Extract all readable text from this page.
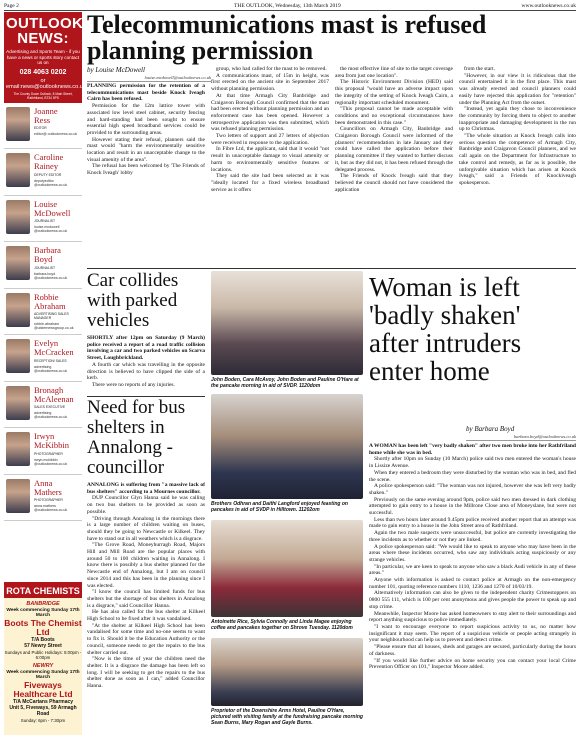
Page 2	THE OUTLOOK, Wednesday, 13th March 2019	www.outlooknews.co.uk
OUTLOOK
NEWS:
Advertising and Sports Team - if you have a news or sports story contact us on
028 4063 0202
or email:news@outlooknews.co.uk
The County Down Outlook, 8 Main Street, Rathfriland, BT34 5PS
Joanne
Ress
EDITOR
editor@ outlooknews.co.uk
Caroline
Rainey
DEPUTY EDITOR
deputyeditor @outlooknews.co.uk
Louise
McDowell
JOURNALIST
louise.mcdowell @outlooknews.co.uk
Barbara
Boyd
JOURNALIST
barbara.boyd @outlooknews.co.uk
Robbie
Abraham
ADVERTISING SALES MANAGER
robbie.abraham @ulsternewsgroup.co.uk
Evelyn
McCracken
RECEPTION/ SALES
advertising @outlooknews.co.uk
Bronagh
McAleenan
SALES EXECUTIVE
advertising @outlooknews.co.uk
Irwyn
McKibbin
PHOTOGRAPHER
irwyn.mckibbin @outlooknews.co.uk
Anna
Mathers
PHOTOGRAPHER
anna.mathers @outlooknews.co.uk
ROTA CHEMISTS
BANBRIDGE
Week commencing Sunday 17th March
Boots The Chemist Ltd
T/A Boots
57 Newry Street
Sundays and Public Holidays: 5:00pm - 6:00pm
NEWRY
Week commencing Sunday 17th March
Fiveways Healthcare Ltd
T/A McCartans Pharmacy
Unit 5, Fiveways, 59 Armagh Road
Sunday: 6pm - 7:30pm
Telecommunications mast is refused planning permission
by Louise McDowell
louise.mcdowell@outlooknews.co.uk

PLANNING permission for the retention of a telecommunications mast beside Knock Iveagh Cairn has been refused.

Permission for the 12m lattice tower with associated low level steel cabinet, security fencing and hard-standing had been sought to ensure essential high speed broadband services could be provided to the surrounding areas.

However stating their refusal, planners said the mast would "harm the environmentally sensitive location and result in an unacceptable change to the visual amenity of the area".

The refusal has been welcomed by 'The Friends of Knock Iveagh' lobby

group, who had called for the mast to be removed.

A communications mast, of 15m in height, was first erected on the ancient site in September 2017 without planning permission.

At that time Armagh City Banbridge and Craigavon Borough Council confirmed that the mast had been erected without planning permission and an enforcement case has been opened. However a retrospective application was then submitted, which was refused planning permission.

Two letters of support and 27 letters of objection were received in response to the application.

In Fibre Ltd, the applicant, said that it would "not result in unacceptable damage to visual amenity or harm to environmentally sensitive features or locations.

They said the site had been selected as it was "ideally located for a fixed wireless broadband service as it offers

the most effective line of site to the target coverage area from just one location".

The Historic Environment Division (HED) said this proposal "would have an adverse impact upon the integrity of the setting of Knock Iveagh Cairn, a regionally important scheduled monument.

"This proposal cannot be made acceptable with conditions and no exceptional circumstances have been demonstrated in this case."

Councillors on Armagh City, Banbridge and Craigavon Borough Council were informed of the planners' recommendation in late January and they could have called the application before their planning committee if they wanted to further discuss it, but as they did not, it has been refused through the delegated process.

The Friends of Knock Iveagh said that they believed the council should not have considered the application

from the start.

"However, in our view it is ridiculous that the council entertained it in the first place. This mast was already erected and council planners could easily have rejected this application for "retention" under the Planning Act from the outset.

"Instead, yet again they chose to inconvenience the community by forcing them to object to another inappropriate and damaging development in the run up to Christmas.

"The whole situation at Knock Iveagh calls into serious question the competence of Armagh City, Banbridge and Craigavon Council planners, and we call again on the Department for Infrastructure to take control and remedy, as far as is possible, the unforgivable situation which has arisen at Knock Iveagh," said a Friends of Knockiveagh spokesperson.

Car collides with parked vehicles

SHORTLY after 12pm on Saturday (9 March) police received a report of a road traffic collision involving a car and two parked vehicles on Scarva Street, Loughbrickland.

A fourth car which was travelling in the opposite direction is believed to have clipped the side of a kerb.

There were no reports of any injuries.

Need for bus shelters in Annalong - councillor

ANNALONG is suffering from "a massive lack of bus shelters" according to a Mournes councillor.

DUP Councillor Glyn Hanna said he was calling on two bus shelters to be provided as soon as possible.

"Driving through Annalong in the mornings there is a large number of children waiting on buses, should they be going to Newcastle or Kilkeel. They have to stand out in all weathers which is a disgrace.

"The Grove Road, Moneyhurragh Road, Majors Hill and Mill Road are the popular places with around 50 to 100 children waiting in Annalong. I know there is possibly a bus shelter planned for the Newcastle end of Annalong, but I am on council since 2014 and this has been in the planning since I was elected.

"I know the council has limited funds for bus shelters but the shortage of bus shelters in Annalong is a disgrace," said Councillor Hanna.

He has also called for the bus shelter at Kilkeel High School to be fixed after it was vandalised.

"At the shelter at Kilkeel High School has been vandalised for some time and no-one seems to want to fix it. Should it be the Education Authority or the council, someone needs to get the repairs to the bus shelter carried out.

"Now is the time of year the children need the shelter. It is a disgrace the damage has been left so long. I will be seeking to get the repairs to the bus shelter done as soon as I can," added Councillor Hanna.

John Boden, Cara McAvoy, John Boden and Pauline O'Hare at the pancake morning in aid of SVDP. 1120dom
Brothers Odhran and Daithi Langford enjoyed feasting on pancakes in aid of SVDP in Hilltown. 11202om
Antoinette Rice, Sylvia Connolly and Linda Magee enjoying coffee and pancakes together on Shrove Tuesday. 1120dom
Proprietor of the Downshire Arms Hotel, Pauline O'Hare, pictured with visiting family at the fundraising pancake morning Sean Burns, Mary Rogan and Gayle Burns.
Woman is left 'badly shaken' after intruders enter home
by Barbara Boyd
barbara.boyd@outlooknews.co.uk

A WOMAN has been left "very badly shaken" after two men broke into her Rathfriland home while she was in bed.

Shortly after 10pm on Sunday (10 March) police said two men entered the woman's house in Lissize Avenue.

When they entered a bedroom they were disturbed by the woman who was in bed, and fled the scene.

A police spokesperson said: "The woman was not injured, however she was left very badly shaken."

Previously on the same evening around 9pm, police said two men dressed in dark clothing attempted to gain entry to a house in the Millrone Close area of Moneyslane, but were not successful.

Less than two hours later around 9.45pm police received another report that an attempt was made to gain entry to a house in the John Street area of Rathfriland.

Again the two male suspects were unsuccessful, but police are currently investigating the three incidents as to whether or not they are linked.

A police spokesperson said: "We would like to speak to anyone who may have been in the areas where these incidents occurred, who saw any individuals acting suspiciously or any strange vehicles.

"In particular, we are keen to speak to anyone who saw a black Audi vehicle in any of these areas."

Anyone with information is asked to contact police at Armagh on the non-emergency number 101, quoting reference numbers 1110, 1236 and 1270 of 10/03/19.

Alternatively information can also be given to the independent charity Crimestoppers on 0800 555 111, which is 100 per cent anonymous and gives people the power to speak up and stop crime.

Meanwhile, Inspector Moore has asked homeowners to stay alert to their surroundings and report anything suspicious to police immediately.

"I want to encourage everyone to report suspicious activity to us, no matter how insignificant it may seem. The report of a suspicious vehicle or people acting strangely in your neighbourhood can help us to prevent and detect crime.

"Please ensure that all houses, sheds and garages are secured, particularly during the hours of darkness.

"If you would like further advice on home security you can contact your local Crime Prevention Officer on 101," Inspector Moore added.
